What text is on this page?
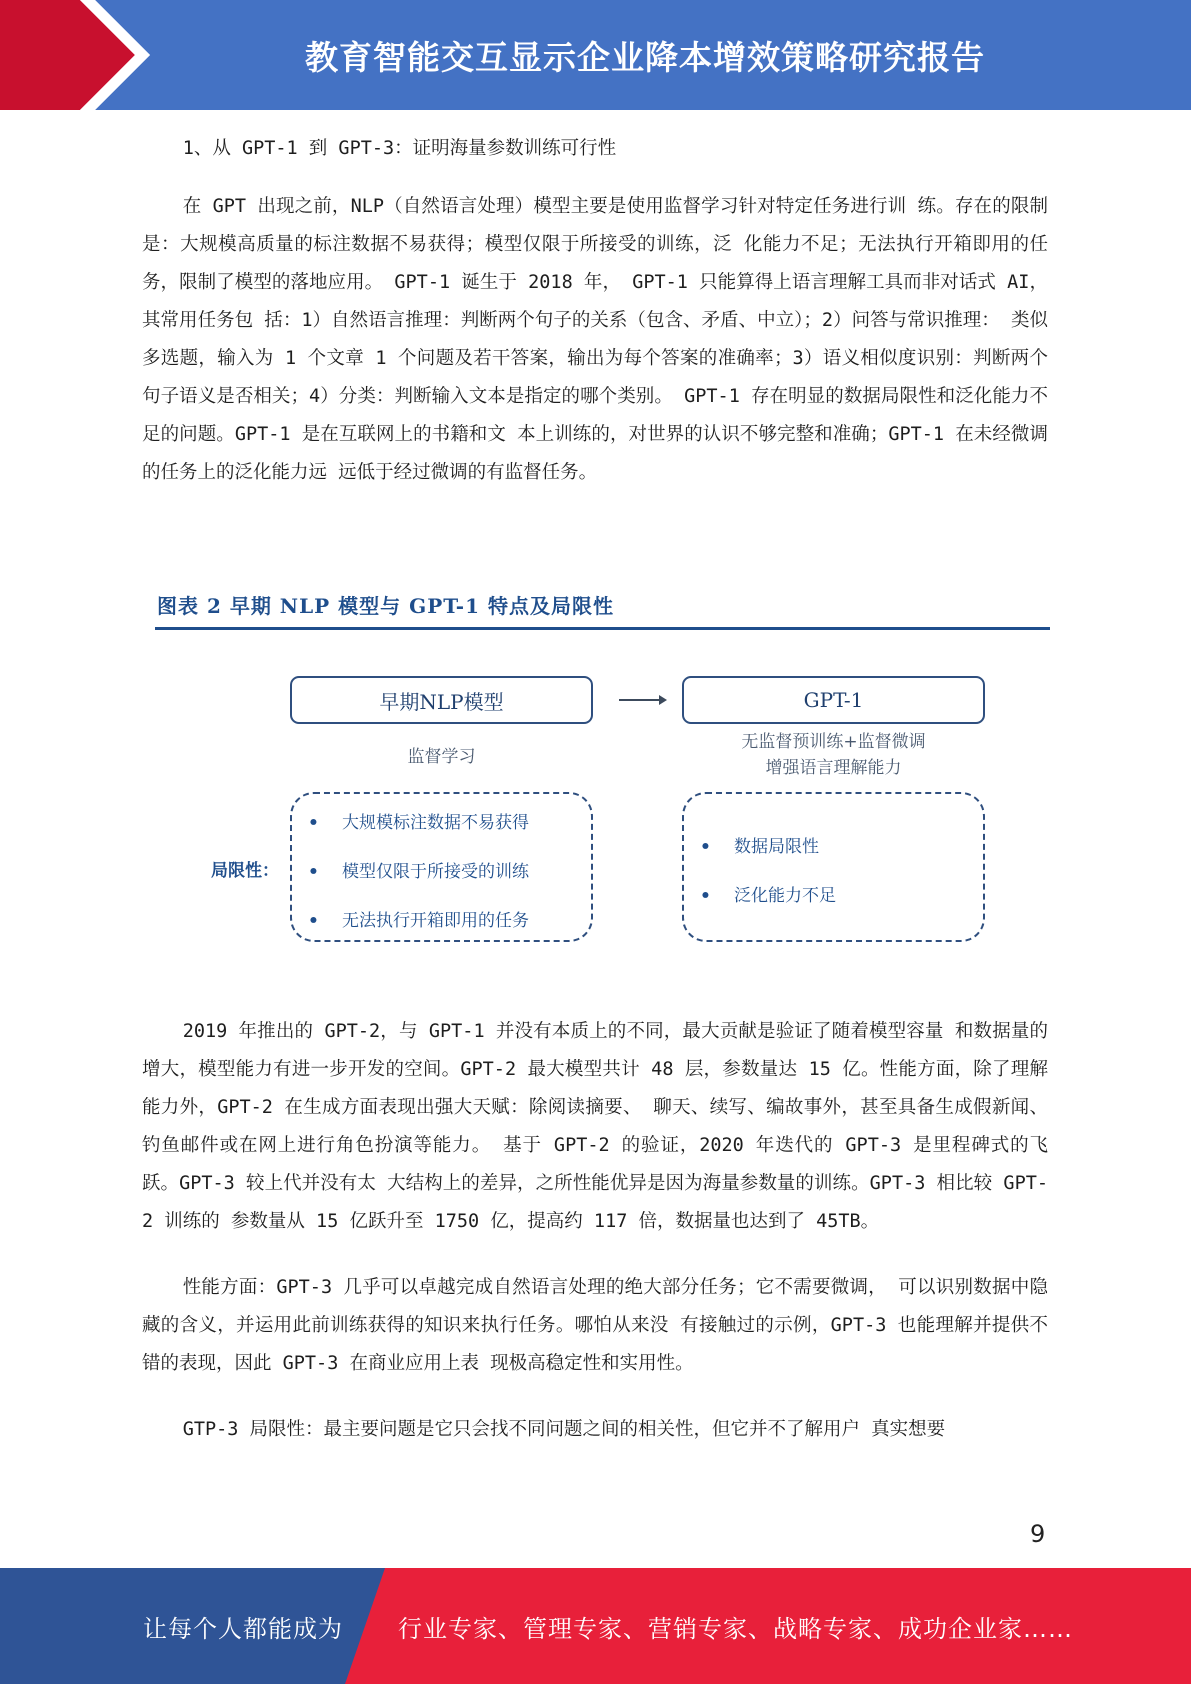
教育智能交互显示企业降本增效策略研究报告

1、从 GPT-1 到 GPT-3：证明海量参数训练可行性

在 GPT 出现之前，NLP（自然语言处理）模型主要是使用监督学习针对特定任务进行训 练。存在的限制是：大规模高质量的标注数据不易获得；模型仅限于所接受的训练，泛 化能力不足；无法执行开箱即用的任务，限制了模型的落地应用。 GPT-1 诞生于 2018 年， GPT-1 只能算得上语言理解工具而非对话式 AI，其常用任务包 括：1）自然语言推理：判断两个句子的关系（包含、矛盾、中立）；2）问答与常识推理： 类似多选题，输入为 1 个文章 1 个问题及若干答案，输出为每个答案的准确率；3）语义相似度识别：判断两个句子语义是否相关；4）分类：判断输入文本是指定的哪个类别。 GPT-1 存在明显的数据局限性和泛化能力不足的问题。GPT-1 是在互联网上的书籍和文 本上训练的，对世界的认识不够完整和准确；GPT-1 在未经微调的任务上的泛化能力远 远低于经过微调的有监督任务。

图表 2 早期 NLP 模型与 GPT-1 特点及局限性
早期NLP模型	GPT-1
监督学习
无监督预训练+监督微调
增强语言理解能力
局限性：
• 大规模标注数据不易获得
• 模型仅限于所接受的训练
• 无法执行开箱即用的任务
• 数据局限性
• 泛化能力不足

2019 年推出的 GPT-2，与 GPT-1 并没有本质上的不同，最大贡献是验证了随着模型容量 和数据量的增大，模型能力有进一步开发的空间。GPT-2 最大模型共计 48 层，参数量达 15 亿。性能方面，除了理解能力外，GPT-2 在生成方面表现出强大天赋：除阅读摘要、 聊天、续写、编故事外，甚至具备生成假新闻、钓鱼邮件或在网上进行角色扮演等能力。 基于 GPT-2 的验证，2020 年迭代的 GPT-3 是里程碑式的飞跃。GPT-3 较上代并没有太 大结构上的差异，之所性能优异是因为海量参数量的训练。GPT-3 相比较 GPT-2 训练的 参数量从 15 亿跃升至 1750 亿，提高约 117 倍，数据量也达到了 45TB。

性能方面：GPT-3 几乎可以卓越完成自然语言处理的绝大部分任务；它不需要微调， 可以识别数据中隐藏的含义，并运用此前训练获得的知识来执行任务。哪怕从来没 有接触过的示例，GPT-3 也能理解并提供不错的表现，因此 GPT-3 在商业应用上表 现极高稳定性和实用性。

GTP-3 局限性：最主要问题是它只会找不同问题之间的相关性，但它并不了解用户 真实想要

9
让每个人都能成为 行业专家、管理专家、营销专家、战略专家、成功企业家……
